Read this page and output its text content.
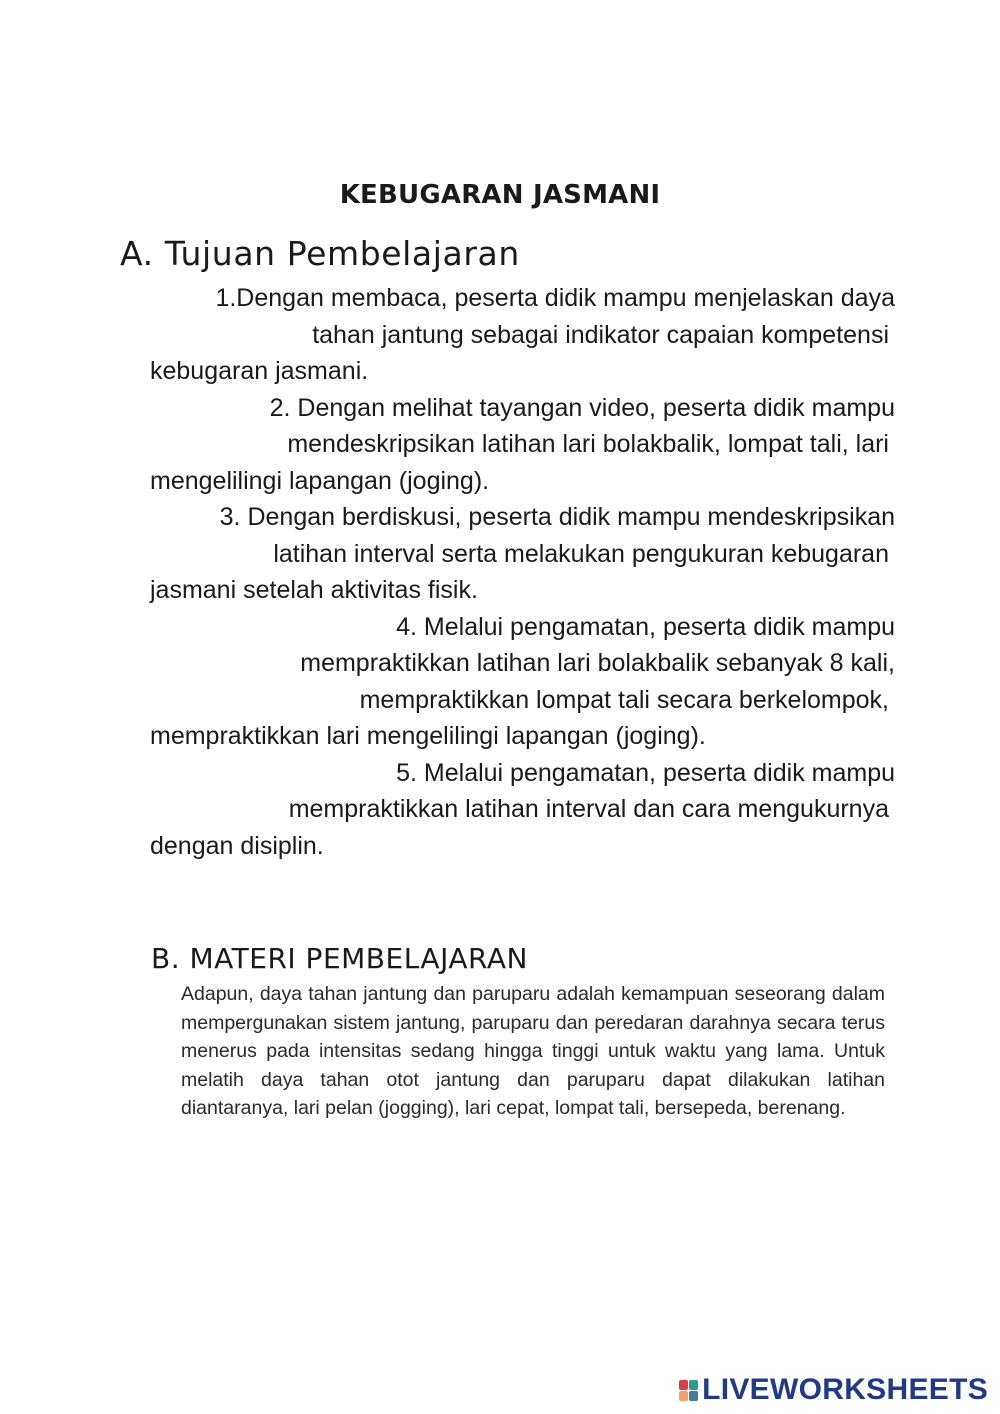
KEBUGARAN JASMANI
A. Tujuan Pembelajaran
1.Dengan membaca, peserta didik mampu menjelaskan daya
tahan jantung sebagai indikator capaian kompetensi
kebugaran jasmani.
2. Dengan melihat tayangan video, peserta didik mampu
mendeskripsikan latihan lari bolakbalik, lompat tali, lari
mengelilingi lapangan (joging).
3. Dengan berdiskusi, peserta didik mampu mendeskripsikan
latihan interval serta melakukan pengukuran kebugaran
jasmani setelah aktivitas fisik.
4. Melalui pengamatan, peserta didik mampu
mempraktikkan latihan lari bolakbalik sebanyak 8 kali,
mempraktikkan lompat tali secara berkelompok,
mempraktikkan lari mengelilingi lapangan (joging).
5. Melalui pengamatan, peserta didik mampu
mempraktikkan latihan interval dan cara mengukurnya
dengan disiplin.
B. MATERI PEMBELAJARAN
Adapun, daya tahan jantung dan paruparu adalah kemampuan seseorang dalam mempergunakan sistem jantung, paruparu dan peredaran darahnya secara terus menerus pada intensitas sedang hingga tinggi untuk waktu yang lama. Untuk melatih daya tahan otot jantung dan paruparu dapat dilakukan latihan diantaranya, lari pelan (jogging), lari cepat, lompat tali, bersepeda, berenang.
LIVEWORKSHEETS
